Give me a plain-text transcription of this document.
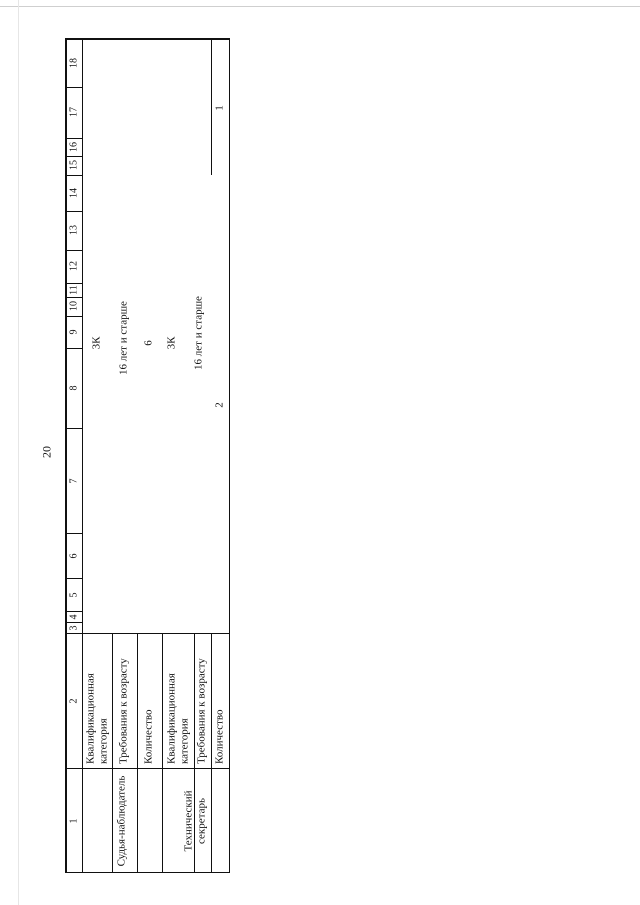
20
1
2
3
4
5
6
7
8
9
10
11
12
13
14
15
16
17
18
Судья-наблюдатель	Технический секретарь
Квалификационная категория Требования к возрасту Количество Квалификационная категория Требования к возрасту Количество
3К 16 лет и старше 6 3К 16 лет и старше
2
1
